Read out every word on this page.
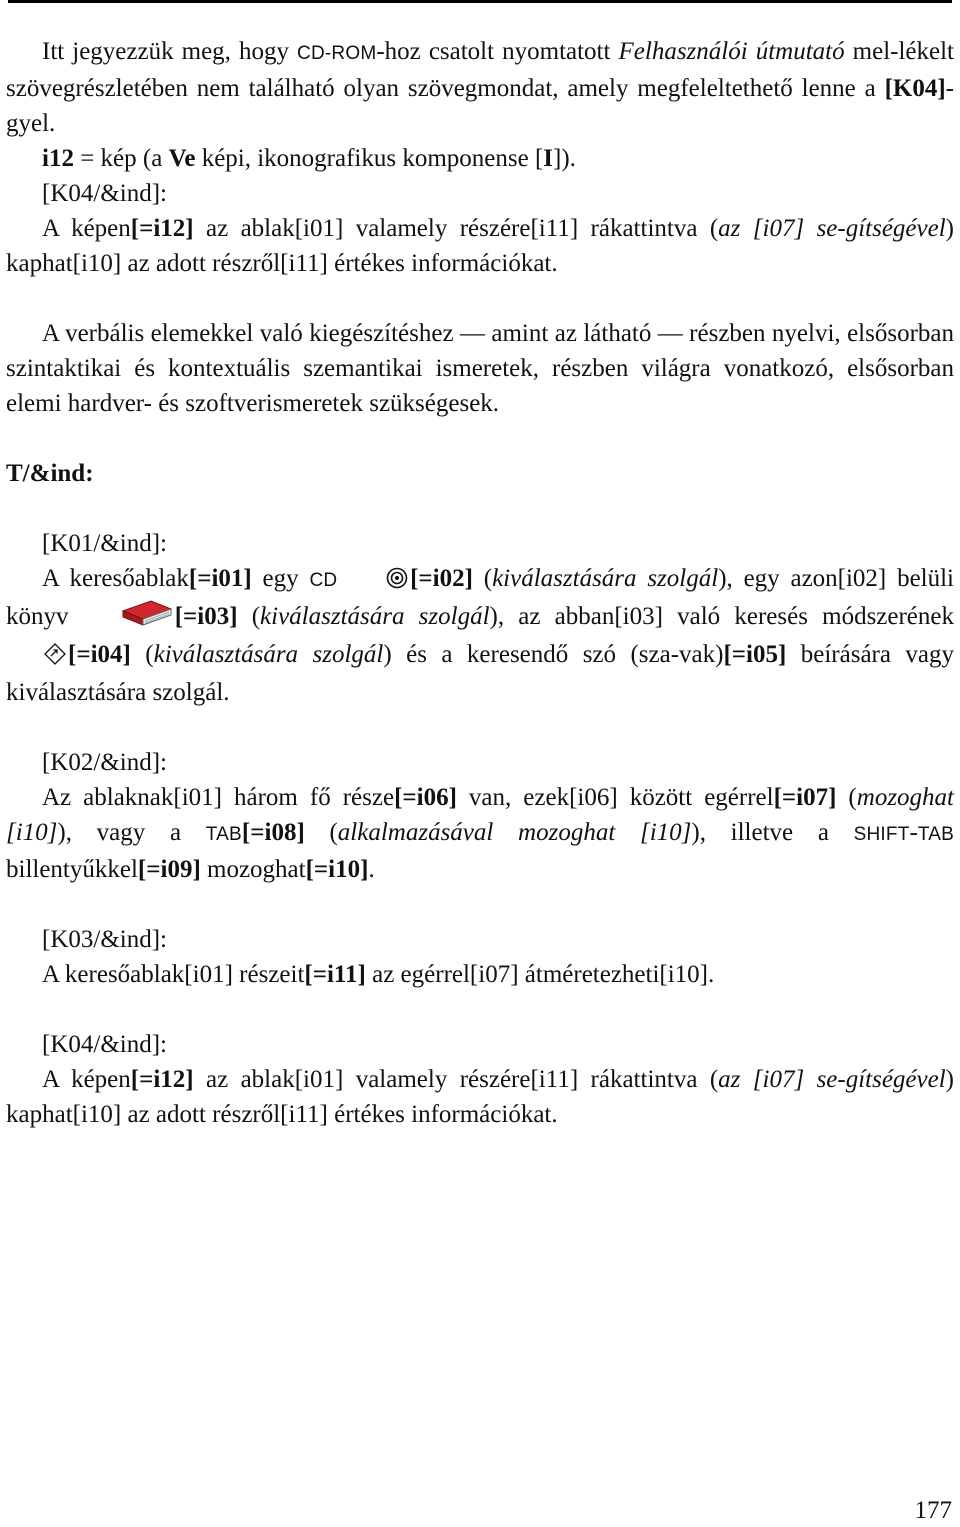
Itt jegyezzük meg, hogy CD-ROM-hoz csatolt nyomtatott Felhasználói útmutató mel-lékelt szövegrészletében nem található olyan szövegmondat, amely megfeleltethető lenne a [K04]-gyel.

i12 = kép (a Ve képi, ikonografikus komponense [I]).

[K04/&ind]:

A képen[=i12] az ablak[i01] valamely részére[i11] rákattintva (az [i07] se-gítségével) kaphat[i10] az adott részről[i11] értékes információkat.

A verbális elemekkel való kiegészítéshez — amint az látható — részben nyelvi, elsősorban szintaktikai és kontextuális szemantikai ismeretek, részben világra vonatkozó, elsősorban elemi hardver- és szoftverismeretek szükségesek.

T/&ind:

[K01/&ind]:

A keresőablak[=i01] egy CD	[=i02] (kiválasztására szolgál), egy azon[i02] belüli könyv	[=i03] (kiválasztására szolgál), az abban[i03] való keresés módszerének [=i04] (kiválasztására szolgál) és a keresendő szó (sza-vak)[=i05] beírására vagy kiválasztására szolgál.

[K02/&ind]:

Az ablaknak[i01] három fő része[=i06] van, ezek[i06] között egérrel[=i07] (mozoghat [i10]), vagy a TAB[=i08] (alkalmazásával mozoghat [i10]), illetve a SHIFT-TAB billentyűkkel[=i09] mozoghat[=i10].

[K03/&ind]:

A keresőablak[i01] részeit[=i11] az egérrel[i07] átméretezheti[i10].

[K04/&ind]:

A képen[=i12] az ablak[i01] valamely részére[i11] rákattintva (az [i07] se-gítségével) kaphat[i10] az adott részről[i11] értékes információkat.

177
